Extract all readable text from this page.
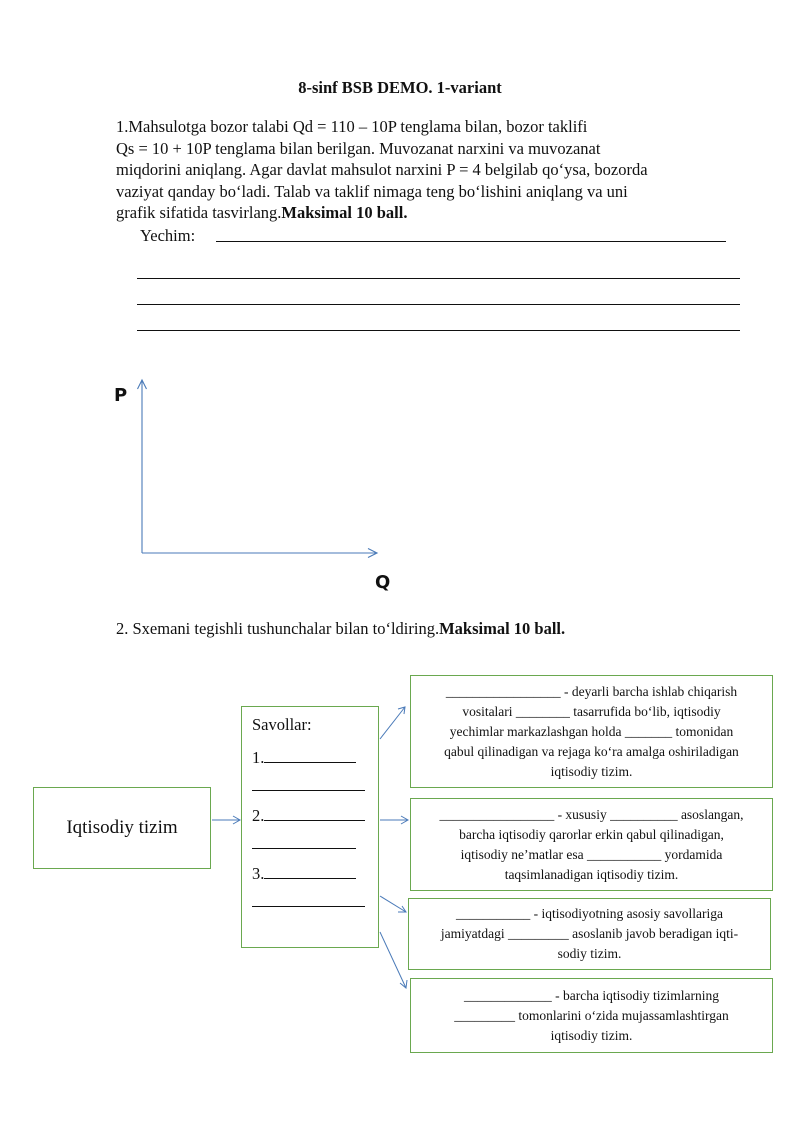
8-sinf BSB DEMO. 1-variant
1.Mahsulotga bozor talabi Qd = 110 – 10P tenglama bilan, bozor taklifi
Qs = 10 + 10P tenglama bilan berilgan. Muvozanat narxini va muvozanat
miqdorini aniqlang. Agar davlat mahsulot narxini P = 4 belgilab qo‘ysa, bozorda
vaziyat qanday bo‘ladi. Talab va taklif nimaga teng bo‘lishini aniqlang va uni
grafik sifatida tasvirlang.Maksimal 10 ball.
Yechim:
P
Q
2. Sxemani tegishli tushunchalar bilan to‘ldiring.Maksimal 10 ball.
Iqtisodiy tizim
Savollar:
1.
2.
3.
_________________ - deyarli barcha ishlab chiqarish
vositalari ________ tasarrufida bo‘lib, iqtisodiy
yechimlar markazlashgan holda _______ tomonidan
qabul qilinadigan va rejaga ko‘ra amalga oshiriladigan
iqtisodiy tizim.
_________________ - xususiy __________ asoslangan,
barcha iqtisodiy qarorlar erkin qabul qilinadigan,
iqtisodiy ne’matlar esa ___________ yordamida
taqsimlanadigan iqtisodiy tizim.
___________ - iqtisodiyotning asosiy savollariga
jamiyatdagi _________ asoslanib javob beradigan iqti-
sodiy tizim.
_____________ - barcha iqtisodiy tizimlarning
_________ tomonlarini o‘zida mujassamlashtirgan
iqtisodiy tizim.
